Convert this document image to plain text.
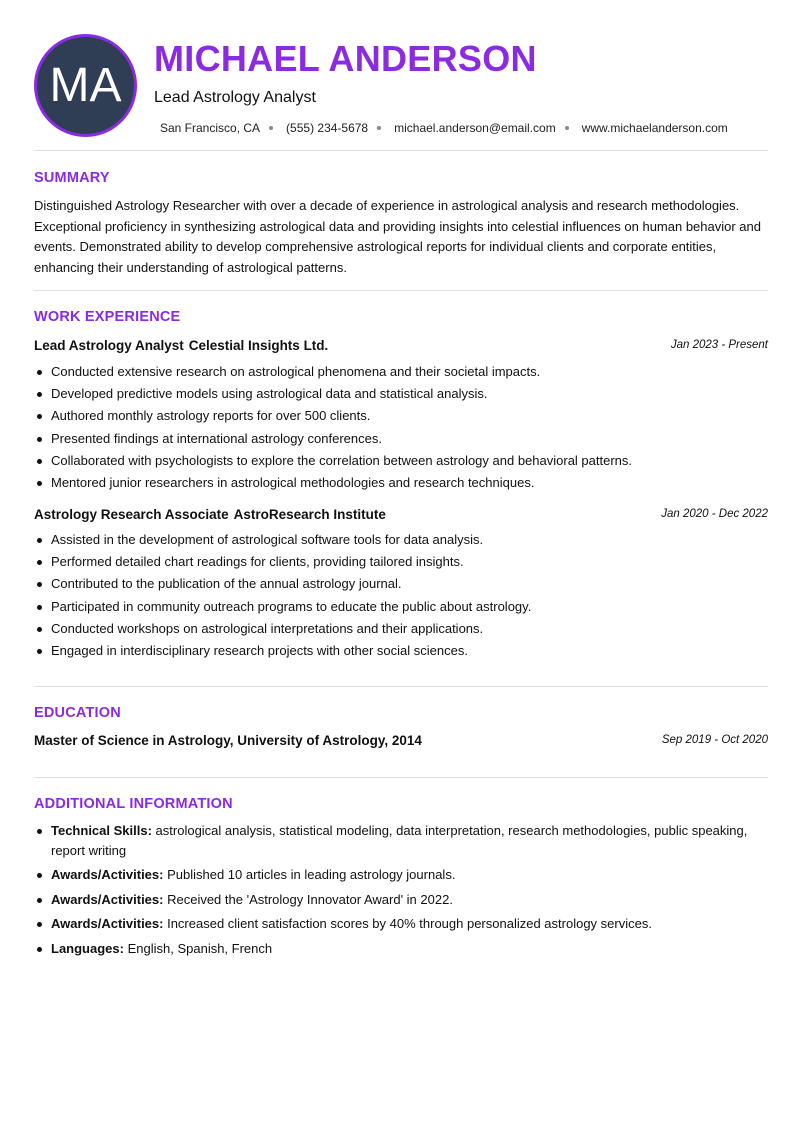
MA
MICHAEL ANDERSON
Lead Astrology Analyst
San Francisco, CA (555) 234-5678 michael.anderson@email.com www.michaelanderson.com
SUMMARY

Distinguished Astrology Researcher with over a decade of experience in astrological analysis and research methodologies. Exceptional proficiency in synthesizing astrological data and providing insights into celestial influences on human behavior and events. Demonstrated ability to develop comprehensive astrological reports for individual clients and corporate entities, enhancing their understanding of astrological patterns.

WORK EXPERIENCE
Lead Astrology Analyst Celestial Insights Ltd.	Jan 2023 - Present
Conducted extensive research on astrological phenomena and their societal impacts.
Developed predictive models using astrological data and statistical analysis.
Authored monthly astrology reports for over 500 clients.
Presented findings at international astrology conferences.
Collaborated with psychologists to explore the correlation between astrology and behavioral patterns.
Mentored junior researchers in astrological methodologies and research techniques.
Astrology Research Associate AstroResearch Institute	Jan 2020 - Dec 2022
Assisted in the development of astrological software tools for data analysis.
Performed detailed chart readings for clients, providing tailored insights.
Contributed to the publication of the annual astrology journal.
Participated in community outreach programs to educate the public about astrology.
Conducted workshops on astrological interpretations and their applications.
Engaged in interdisciplinary research projects with other social sciences.
EDUCATION
Master of Science in Astrology, University of Astrology, 2014	Sep 2019 - Oct 2020
ADDITIONAL INFORMATION
Technical Skills: astrological analysis, statistical modeling, data interpretation, research methodologies, public speaking, report writing
Awards/Activities: Published 10 articles in leading astrology journals.
Awards/Activities: Received the 'Astrology Innovator Award' in 2022.
Awards/Activities: Increased client satisfaction scores by 40% through personalized astrology services.
Languages: English, Spanish, French
